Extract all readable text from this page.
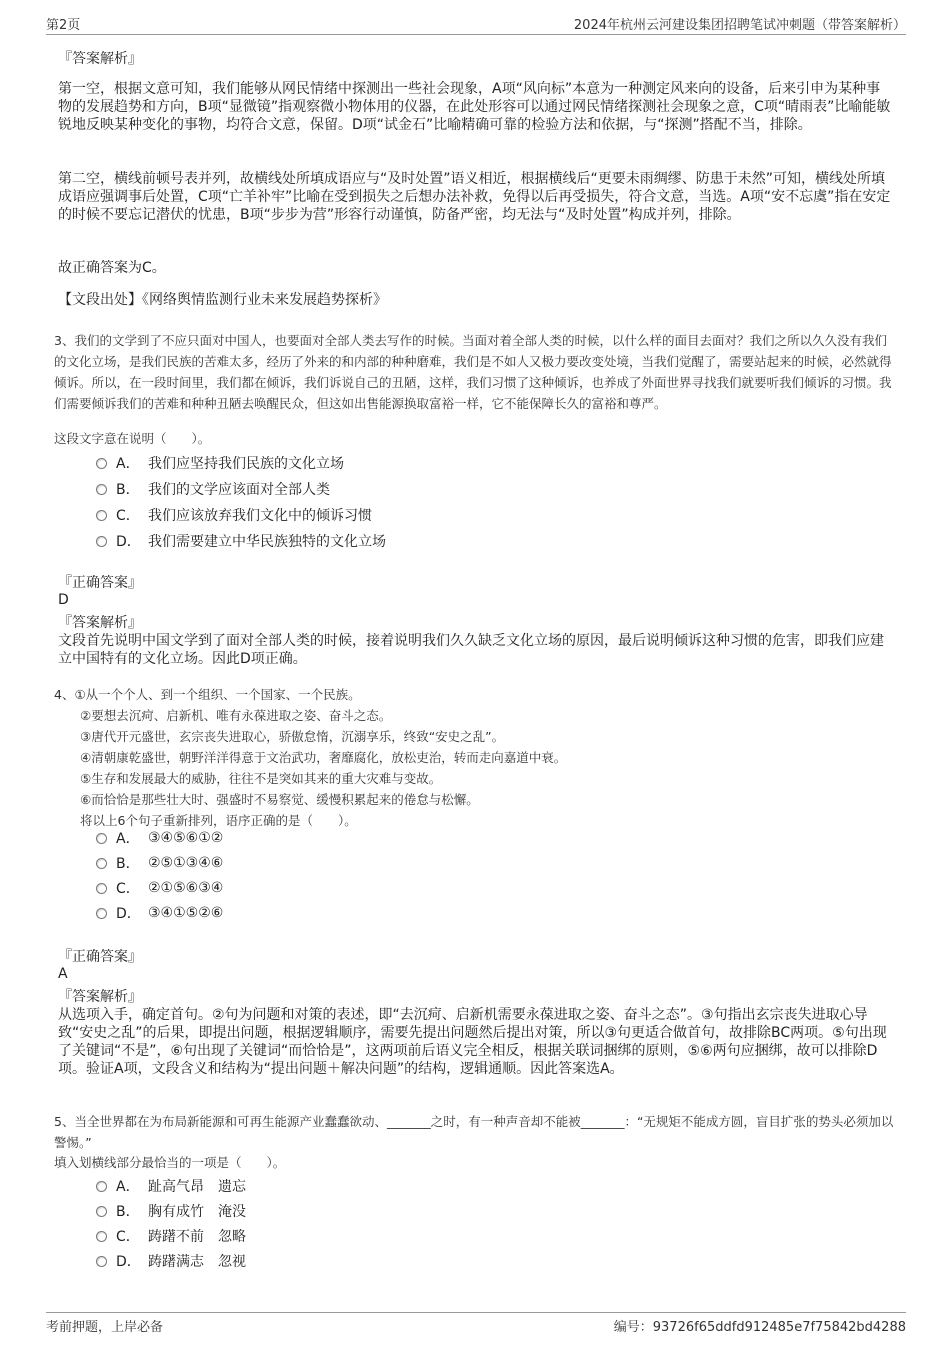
第2页	2024年杭州云河建设集团招聘笔试冲刺题（带答案解析）
『答案解析』
第一空，根据文意可知，我们能够从网民情绪中探测出一些社会现象，A项“风向标”本意为一种测定风来向的设备，后来引申为某种事物的发展趋势和方向，B项“显微镜”指观察微小物体用的仪器，在此处形容可以通过网民情绪探测社会现象之意，C项“晴雨表”比喻能敏锐地反映某种变化的事物，均符合文意，保留。D项“试金石”比喻精确可靠的检验方法和依据，与“探测”搭配不当，排除。
第二空，横线前顿号表并列，故横线处所填成语应与“及时处置”语义相近，根据横线后“更要未雨绸缪、防患于未然”可知，横线处所填成语应强调事后处置，C项“亡羊补牢”比喻在受到损失之后想办法补救，免得以后再受损失，符合文意，当选。A项“安不忘虞”指在安定的时候不要忘记潜伏的忧患，B项“步步为营”形容行动谨慎，防备严密，均无法与“及时处置”构成并列，排除。
故正确答案为C。
【文段出处】《网络舆情监测行业未来发展趋势探析》
3、我们的文学到了不应只面对中国人，也要面对全部人类去写作的时候。当面对着全部人类的时候，以什么样的面目去面对？我们之所以久久没有我们的文化立场，是我们民族的苦难太多，经历了外来的和内部的种种磨难，我们是不如人又极力要改变处境，当我们觉醒了，需要站起来的时候，必然就得倾诉。所以，在一段时间里，我们都在倾诉，我们诉说自己的丑陋，这样，我们习惯了这种倾诉，也养成了外面世界寻找我们就要听我们倾诉的习惯。我们需要倾诉我们的苦难和种种丑陋去唤醒民众，但这如出售能源换取富裕一样，它不能保障长久的富裕和尊严。
这段文字意在说明（　　）。
A． 我们应坚持我们民族的文化立场
B． 我们的文学应该面对全部人类
C． 我们应该放弃我们文化中的倾诉习惯
D． 我们需要建立中华民族独特的文化立场
『正确答案』
D
『答案解析』
文段首先说明中国文学到了面对全部人类的时候，接着说明我们久久缺乏文化立场的原因，最后说明倾诉这种习惯的危害，即我们应建立中国特有的文化立场。因此D项正确。
4、①从一个个人、到一个组织、一个国家、一个民族。
②要想去沉疴、启新机、唯有永葆进取之姿、奋斗之态。
③唐代开元盛世，玄宗丧失进取心，骄傲怠惰，沉溺享乐，终致“安史之乱”。
④清朝康乾盛世，朝野洋洋得意于文治武功，奢靡腐化，放松吏治，转而走向嘉道中衰。
⑤生存和发展最大的威胁，往往不是突如其来的重大灾难与变故。
⑥而恰恰是那些壮大时、强盛时不易察觉、缓慢积累起来的倦怠与松懈。
将以上6个句子重新排列，语序正确的是（　　）。
A． ③④⑤⑥①②
B． ②⑤①③④⑥
C． ②①⑤⑥③④
D． ③④①⑤②⑥
『正确答案』
A
『答案解析』
从选项入手，确定首句。②句为问题和对策的表述，即“去沉疴、启新机需要永葆进取之姿、奋斗之态”。③句指出玄宗丧失进取心导致“安史之乱”的后果，即提出问题，根据逻辑顺序，需要先提出问题然后提出对策，所以③句更适合做首句，故排除BC两项。⑤句出现了关键词“不是”，⑥句出现了关键词“而恰恰是”，这两项前后语义完全相反，根据关联词捆绑的原则，⑤⑥两句应捆绑，故可以排除D项。验证A项，文段含义和结构为“提出问题＋解决问题”的结构，逻辑通顺。因此答案选A。
5、当全世界都在为布局新能源和可再生能源产业蠢蠢欲动、_______之时，有一种声音却不能被_______：“无规矩不能成方圆，盲目扩张的势头必须加以警惕。”
填入划横线部分最恰当的一项是（　　）。
A． 趾高气昂　遗忘
B． 胸有成竹　淹没
C． 踌躇不前　忽略
D． 踌躇满志　忽视
考前押题，上岸必备	编号：93726f65ddfd912485e7f75842bd4288
